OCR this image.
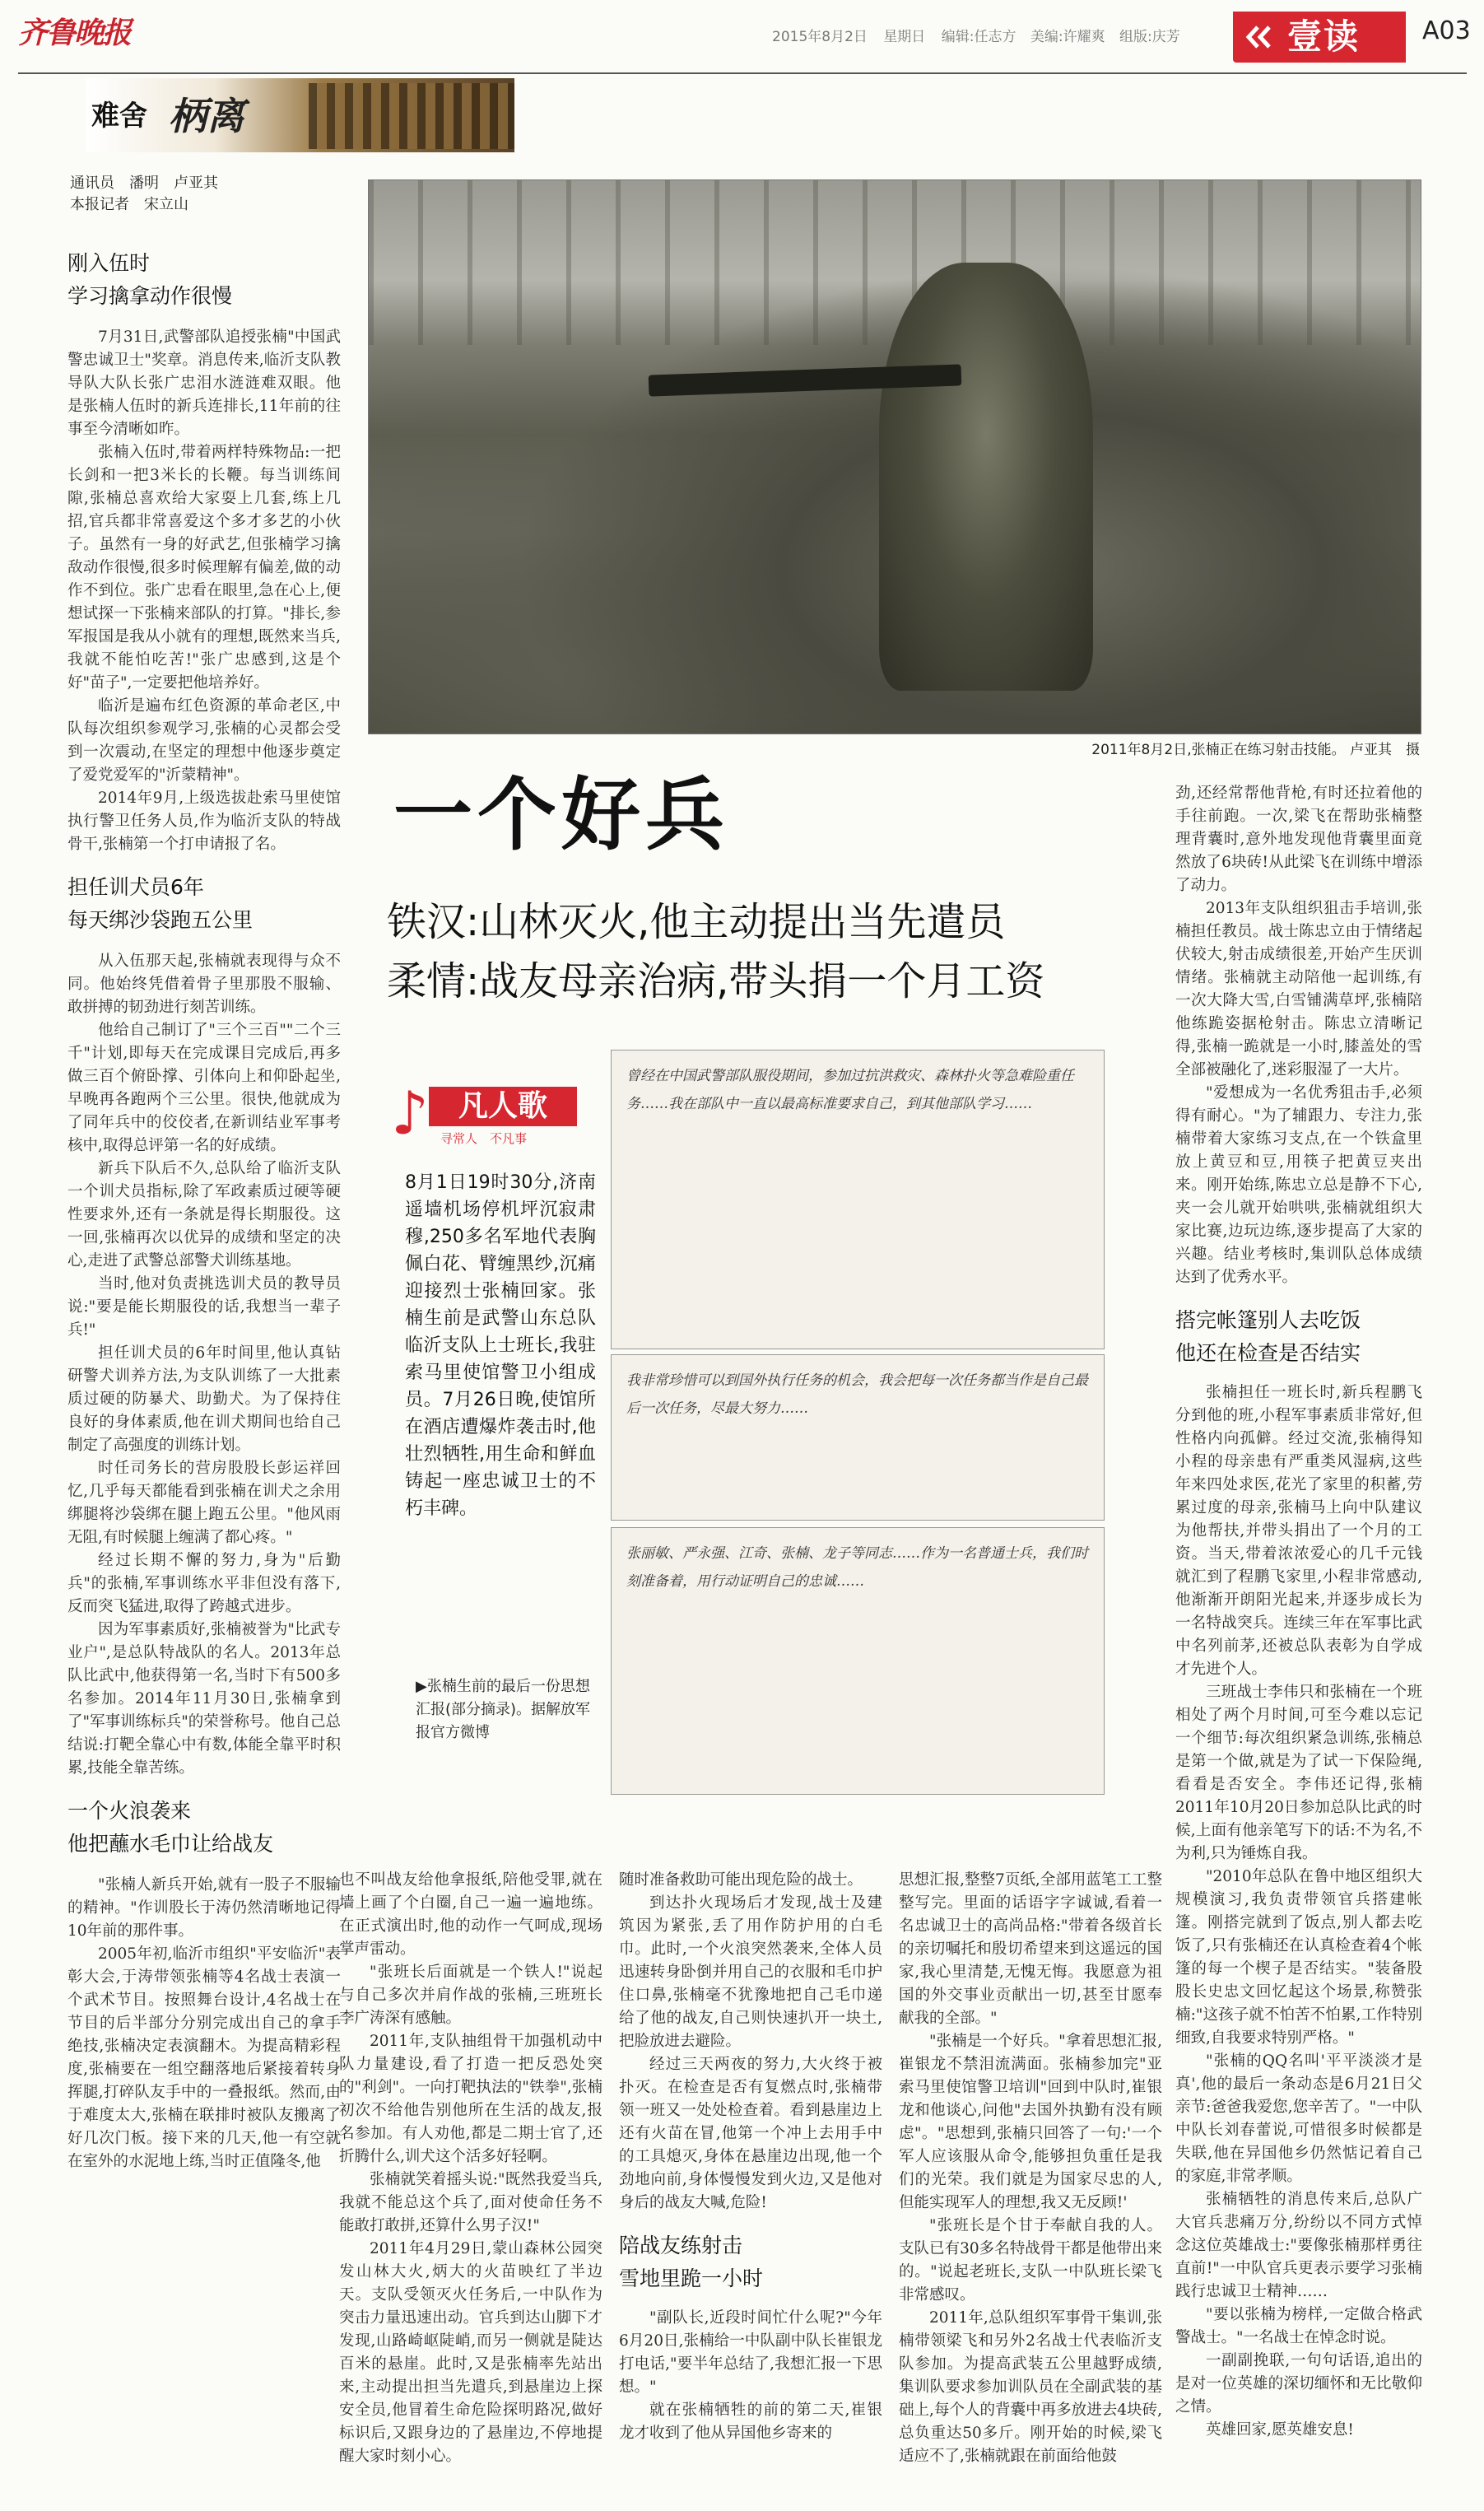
齐鲁晚报	2015年8月2日 星期日 编辑:任志方 美编:许耀爽 组版:庆芳	壹读	A03
难舍 柄离
通讯员　潘明　卢亚其
本报记者　宋立山
2011年8月2日,张楠正在练习射击技能。 卢亚其　摄
一个好兵
铁汉:山林灭火,他主动提出当先遣员
柔情:战友母亲治病,带头捐一个月工资
♪	凡人歌
寻常人　不凡事
8月1日19时30分,济南遥墙机场停机坪沉寂肃穆,250多名军地代表胸佩白花、臂缠黑纱,沉痛迎接烈士张楠回家。张楠生前是武警山东总队临沂支队上士班长,我驻索马里使馆警卫小组成员。7月26日晚,使馆所在酒店遭爆炸袭击时,他壮烈牺牲,用生命和鲜血铸起一座忠诚卫士的不朽丰碑。
曾经在中国武警部队服役期间，参加过抗洪救灾、森林扑火等急难险重任务……我在部队中一直以最高标准要求自己，到其他部队学习……
我非常珍惜可以到国外执行任务的机会，我会把每一次任务都当作是自己最后一次任务，尽最大努力……
张丽敏、严永强、江奇、张楠、龙子等同志……作为一名普通士兵，我们时刻准备着，用行动证明自己的忠诚……
▶张楠生前的最后一份思想汇报(部分摘录)。据解放军报官方微博
刚入伍时
学习擒拿动作很慢

7月31日,武警部队追授张楠"中国武警忠诚卫士"奖章。消息传来,临沂支队教导队大队长张广忠泪水涟涟难双眼。他是张楠人伍时的新兵连排长,11年前的往事至今清晰如昨。

张楠入伍时,带着两样特殊物品:一把长剑和一把3米长的长鞭。每当训练间隙,张楠总喜欢给大家耍上几套,练上几招,官兵都非常喜爱这个多才多艺的小伙子。虽然有一身的好武艺,但张楠学习擒敌动作很慢,很多时候理解有偏差,做的动作不到位。张广忠看在眼里,急在心上,便想试探一下张楠来部队的打算。"排长,参军报国是我从小就有的理想,既然来当兵,我就不能怕吃苦!"张广忠感到,这是个好"苗子",一定要把他培养好。

临沂是遍布红色资源的革命老区,中队每次组织参观学习,张楠的心灵都会受到一次震动,在坚定的理想中他逐步奠定了爱党爱军的"沂蒙精神"。

2014年9月,上级选拔赴索马里使馆执行警卫任务人员,作为临沂支队的特战骨干,张楠第一个打申请报了名。

担任训犬员6年
每天绑沙袋跑五公里

从入伍那天起,张楠就表现得与众不同。他始终凭借着骨子里那股不服输、敢拼搏的韧劲进行刻苦训练。

他给自己制订了"三个三百""二个三千"计划,即每天在完成课目完成后,再多做三百个俯卧撑、引体向上和仰卧起坐,早晚再各跑两个三公里。很快,他就成为了同年兵中的佼佼者,在新训结业军事考核中,取得总评第一名的好成绩。

新兵下队后不久,总队给了临沂支队一个训犬员指标,除了军政素质过硬等硬性要求外,还有一条就是得长期服役。这一回,张楠再次以优异的成绩和坚定的决心,走进了武警总部警犬训练基地。

当时,他对负责挑选训犬员的教导员说:"要是能长期服役的话,我想当一辈子兵!"

担任训犬员的6年时间里,他认真钻研警犬训养方法,为支队训练了一大批素质过硬的防暴犬、助勤犬。为了保持住良好的身体素质,他在训犬期间也给自己制定了高强度的训练计划。

时任司务长的营房股股长彭运祥回忆,几乎每天都能看到张楠在训犬之余用绑腿将沙袋绑在腿上跑五公里。"他风雨无阻,有时候腿上缠满了都心疼。"

经过长期不懈的努力,身为"后勤兵"的张楠,军事训练水平非但没有落下,反而突飞猛进,取得了跨越式进步。

因为军事素质好,张楠被誉为"比武专业户",是总队特战队的名人。2013年总队比武中,他获得第一名,当时下有500多名参加。2014年11月30日,张楠拿到了"军事训练标兵"的荣誉称号。他自己总结说:打靶全靠心中有数,体能全靠平时积累,技能全靠苦练。

一个火浪袭来
他把蘸水毛巾让给战友

"张楠人新兵开始,就有一股子不服输的精神。"作训股长于涛仍然清晰地记得10年前的那件事。

2005年初,临沂市组织"平安临沂"表彰大会,于涛带领张楠等4名战士表演一个武术节目。按照舞台设计,4名战士在节目的后半部分分别完成出自己的拿手绝技,张楠决定表演翻木。为提高精彩程度,张楠要在一组空翻落地后紧接着转身挥腿,打碎队友手中的一叠报纸。然而,由于难度太大,张楠在联排时被队友搬离了好几次门板。接下来的几天,他一有空就在室外的水泥地上练,当时正值隆冬,他

也不叫战友给他拿报纸,陪他受罪,就在墙上画了个白圈,自己一遍一遍地练。在正式演出时,他的动作一气呵成,现场掌声雷动。

"张班长后面就是一个铁人!"说起与自己多次并肩作战的张楠,三班班长李广涛深有感触。

2011年,支队抽组骨干加强机动中队力量建设,看了打造一把反恐处突的"利剑"。一向打靶执法的"铁拳",张楠初次不给他告别他所在生活的战友,报名参加。有人劝他,都是二期士官了,还折腾什么,训犬这个活多好轻啊。

张楠就笑着摇头说:"既然我爱当兵,我就不能总这个兵了,面对使命任务不能敢打敢拼,还算什么男子汉!"

2011年4月29日,蒙山森林公园突发山林大火,炳大的火苗映红了半边天。支队受领灭火任务后,一中队作为突击力量迅速出动。官兵到达山脚下才发现,山路崎岖陡峭,而另一侧就是陡达百米的悬崖。此时,又是张楠率先站出来,主动提出担当先遣兵,到悬崖边上探安全员,他冒着生命危险探明路况,做好标识后,又跟身边的了悬崖边,不停地提醒大家时刻小心。

随时准备救助可能出现危险的战士。

到达扑火现场后才发现,战士及建筑因为紧张,丢了用作防护用的白毛巾。此时,一个火浪突然袭来,全体人员迅速转身卧倒并用自己的衣服和毛巾护住口鼻,张楠毫不犹豫地把自己毛巾递给了他的战友,自己则快速扒开一块土,把脸放进去避险。

经过三天两夜的努力,大火终于被扑灭。在检查是否有复燃点时,张楠带领一班又一处处检查着。看到悬崖边上还有火苗在冒,他第一个冲上去用手中的工具熄灭,身体在悬崖边出现,他一个劲地向前,身体慢慢发到火边,又是他对身后的战友大喊,危险!

陪战友练射击
雪地里跪一小时

"副队长,近段时间忙什么呢?"今年6月20日,张楠给一中队副中队长崔银龙打电话,"要半年总结了,我想汇报一下思想。"

就在张楠牺牲的前的第二天,崔银龙才收到了他从异国他乡寄来的

思想汇报,整整7页纸,全部用蓝笔工工整整写完。里面的话语字字诚诚,看着一名忠诚卫士的高尚品格:"带着各级首长的亲切嘱托和殷切希望来到这遥远的国家,我心里清楚,无愧无悔。我愿意为祖国的外交事业贡献出一切,甚至甘愿奉献我的全部。"

"张楠是一个好兵。"拿着思想汇报,崔银龙不禁泪流满面。张楠参加完"亚索马里使馆警卫培训"回到中队时,崔银龙和他谈心,问他"去国外执勤有没有顾虑"。"思想到,张楠只回答了一句:'一个军人应该服从命令,能够担负重任是我们的光荣。我们就是为国家尽忠的人,但能实现军人的理想,我又无反顾!'

"张班长是个甘于奉献自我的人。支队已有30多名特战骨干都是他带出来的。"说起老班长,支队一中队班长梁飞非常感叹。

2011年,总队组织军事骨干集训,张楠带领梁飞和另外2名战士代表临沂支队参加。为提高武装五公里越野成绩,集训队要求参加训队员在全副武装的基础上,每个人的背囊中再多放进去4块砖,总负重达50多斤。刚开始的时候,梁飞适应不了,张楠就跟在前面给他鼓

劲,还经常帮他背枪,有时还拉着他的手往前跑。一次,梁飞在帮助张楠整理背囊时,意外地发现他背囊里面竟然放了6块砖!从此梁飞在训练中增添了动力。

2013年支队组织狙击手培训,张楠担任教员。战士陈忠立由于情绪起伏较大,射击成绩很差,开始产生厌训情绪。张楠就主动陪他一起训练,有一次大降大雪,白雪铺满草坪,张楠陪他练跪姿据枪射击。陈忠立清晰记得,张楠一跪就是一小时,膝盖处的雪全部被融化了,迷彩服湿了一大片。

"爱想成为一名优秀狙击手,必须得有耐心。"为了辅跟力、专注力,张楠带着大家练习支点,在一个铁盒里放上黄豆和豆,用筷子把黄豆夹出来。刚开始练,陈忠立总是静不下心,夹一会儿就开始哄哄,张楠就组织大家比赛,边玩边练,逐步提高了大家的兴趣。结业考核时,集训队总体成绩达到了优秀水平。

搭完帐篷别人去吃饭
他还在检查是否结实

张楠担任一班长时,新兵程鹏飞分到他的班,小程军事素质非常好,但性格内向孤僻。经过交流,张楠得知小程的母亲患有严重类风湿病,这些年来四处求医,花光了家里的积蓄,劳累过度的母亲,张楠马上向中队建议为他帮扶,并带头捐出了一个月的工资。当天,带着浓浓爱心的几千元钱就汇到了程鹏飞家里,小程非常感动,他渐渐开朗阳光起来,并逐步成长为一名特战突兵。连续三年在军事比武中名列前茅,还被总队表彰为自学成才先进个人。

三班战士李伟只和张楠在一个班相处了两个月时间,可至今难以忘记一个细节:每次组织紧急训练,张楠总是第一个做,就是为了试一下保险绳,看看是否安全。李伟还记得,张楠2011年10月20日参加总队比武的时候,上面有他亲笔写下的话:不为名,不为利,只为锤炼自我。

"2010年总队在鲁中地区组织大规模演习,我负责带领官兵搭建帐篷。刚搭完就到了饭点,别人都去吃饭了,只有张楠还在认真检查着4个帐篷的每一个楔子是否结实。"装备股股长史忠文回忆起这个场景,称赞张楠:"这孩子就不怕苦不怕累,工作特别细致,自我要求特别严格。"

"张楠的QQ名叫'平平淡淡才是真',他的最后一条动态是6月21日父亲节:爸爸我爱您,您辛苦了。"一中队中队长刘春蕾说,可惜很多时候都是失联,他在异国他乡仍然惦记着自己的家庭,非常孝顺。

张楠牺牲的消息传来后,总队广大官兵悲痛万分,纷纷以不同方式悼念这位英雄战士:"要像张楠那样勇往直前!"一中队官兵更表示要学习张楠践行忠诚卫士精神……

"要以张楠为榜样,一定做合格武警战士。"一名战士在悼念时说。

一副副挽联,一句句话语,追出的是对一位英雄的深切缅怀和无比敬仰之情。

英雄回家,愿英雄安息!
